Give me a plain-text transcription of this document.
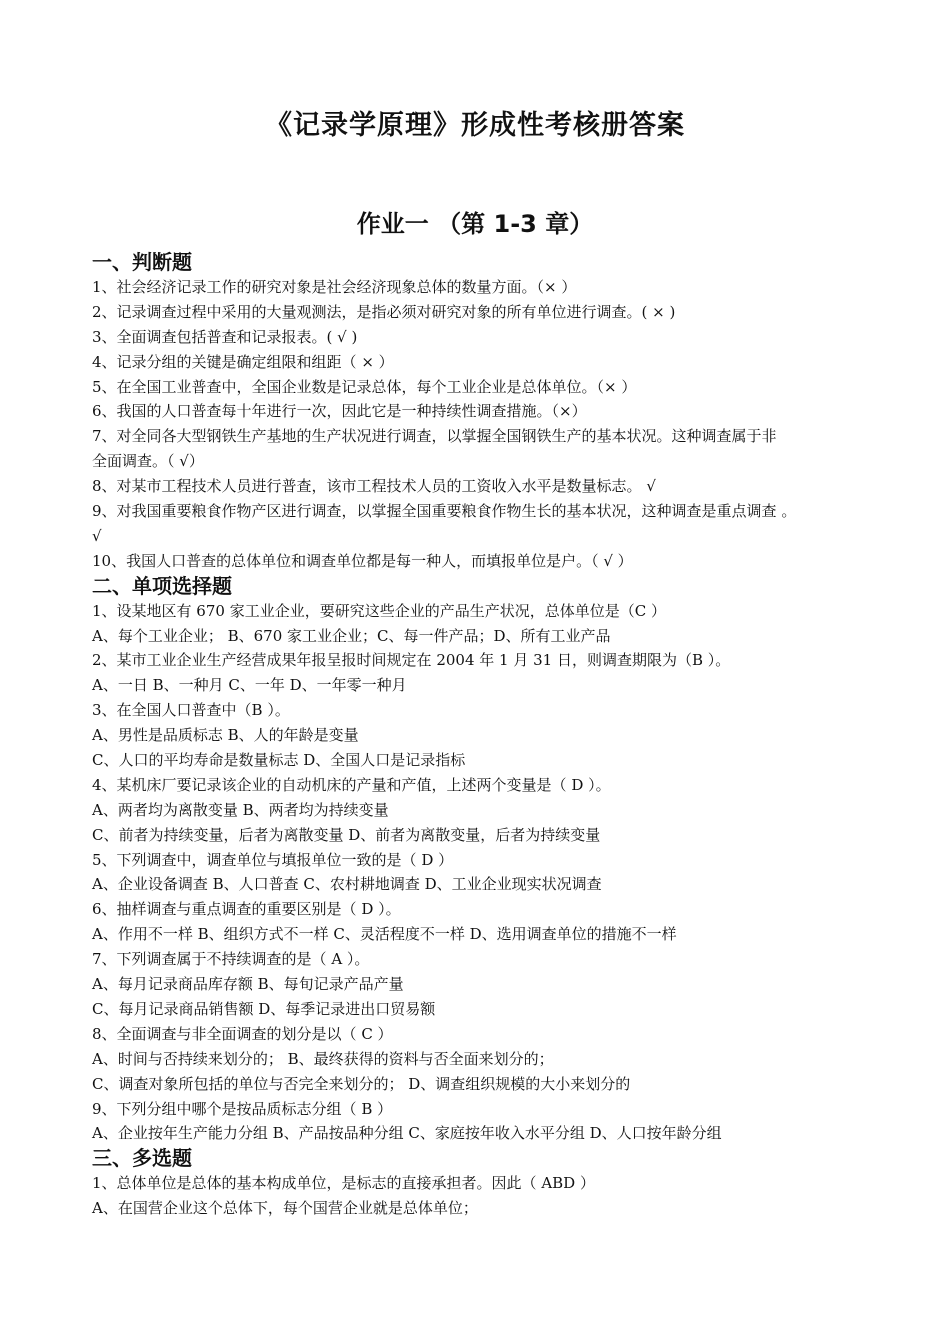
《记录学原理》形成性考核册答案
作业一 （第 1-3 章）
一、判断题
1、社会经济记录工作的研究对象是社会经济现象总体的数量方面。（× ）
2、记录调查过程中采用的大量观测法，是指必须对研究对象的所有单位进行调查。( × )
3、全面调查包括普查和记录报表。( √ )
4、记录分组的关键是确定组限和组距（ × ）
5、在全国工业普查中，全国企业数是记录总体，每个工业企业是总体单位。（× ）
6、我国的人口普查每十年进行一次，因此它是一种持续性调查措施。（×）
7、对全同各大型钢铁生产基地的生产状况进行调查，以掌握全国钢铁生产的基本状况。这种调查属于非
全面调查。（ √）
8、对某市工程技术人员进行普查，该市工程技术人员的工资收入水平是数量标志。 √
9、对我国重要粮食作物产区进行调查，以掌握全国重要粮食作物生长的基本状况，这种调查是重点调查 。
√
10、我国人口普查的总体单位和调查单位都是每一种人，而填报单位是户。（ √ ）
二、单项选择题
1、设某地区有 670 家工业企业，要研究这些企业的产品生产状况，总体单位是（C ）
A、每个工业企业； B、670 家工业企业；C、每一件产品；D、所有工业产品
2、某市工业企业生产经营成果年报呈报时间规定在 2004 年 1 月 31 日，则调查期限为（B ）。
A、一日 B、一种月 C、一年 D、一年零一种月
3、在全国人口普查中（B ）。
A、男性是品质标志 B、人的年龄是变量
C、人口的平均寿命是数量标志 D、全国人口是记录指标
4、某机床厂要记录该企业的自动机床的产量和产值，上述两个变量是（ D ）。
A、两者均为离散变量 B、两者均为持续变量
C、前者为持续变量，后者为离散变量 D、前者为离散变量，后者为持续变量
5、下列调查中，调查单位与填报单位一致的是（ D ）
A、企业设备调查 B、人口普查 C、农村耕地调查 D、工业企业现实状况调查
6、抽样调查与重点调查的重要区别是（ D ）。
A、作用不一样 B、组织方式不一样 C、灵活程度不一样 D、选用调查单位的措施不一样
7、下列调查属于不持续调查的是（ A ）。
A、每月记录商品库存额 B、每旬记录产品产量
C、每月记录商品销售额 D、每季记录进出口贸易额
8、全面调查与非全面调查的划分是以（ C ）
A、时间与否持续来划分的； B、最终获得的资料与否全面来划分的；
C、调查对象所包括的单位与否完全来划分的； D、调查组织规模的大小来划分的
9、下列分组中哪个是按品质标志分组（ B ）
A、企业按年生产能力分组 B、产品按品种分组 C、家庭按年收入水平分组 D、人口按年龄分组
三、多选题
1、总体单位是总体的基本构成单位，是标志的直接承担者。因此（ ABD ）
A、在国营企业这个总体下，每个国营企业就是总体单位；
